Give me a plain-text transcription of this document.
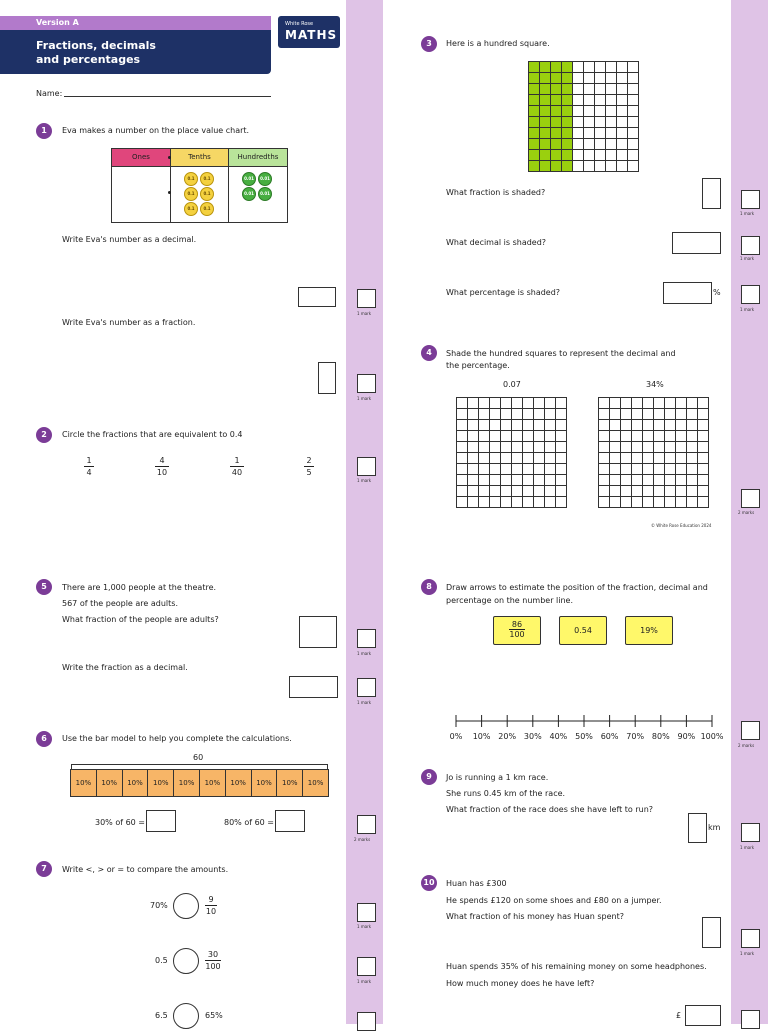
Version A
Fractions, decimals
and percentages
White Rose
MATHS
Name:
1	Eva makes a number on the place value chart.
Ones	Tenths	Hundredths
0.1	0.1
0.1	0.1
0.1	0.1
0.01	0.01
0.01	0.01
Write Eva's number as a decimal.
1 mark
Write Eva's number as a fraction.
1 mark
2	Circle the fractions that are equivalent to 0.4
1
4
4
10
1
40
2
5
1 mark
3	Here is a hundred square.
What fraction is shaded?
1 mark
What decimal is shaded?
1 mark
What percentage is shaded?	%
1 mark
4	Shade the hundred squares to represent the decimal and
the percentage.
0.07	34%
2 marks
© White Rose Education 2024
5	There are 1,000 people at the theatre.
567 of the people are adults.
What fraction of the people are adults?
1 mark
Write the fraction as a decimal.
1 mark
6	Use the bar model to help you complete the calculations.
60
10%	10%	10%	10%	10%	10%	10%	10%	10%	10%
30% of 60 =	80% of 60 =
2 marks
7	Write <, > or = to compare the amounts.
70%
9
10
1 mark
0.5
30
100
1 mark
6.5	65%
8	Draw arrows to estimate the position of the fraction, decimal and
percentage on the number line.
86
100	0.54	19%
0% 10% 20% 30% 40% 50% 60% 70% 80% 90% 100%
2 marks
9	Jo is running a 1 km race.
She runs 0.45 km of the race.
What fraction of the race does she have left to run?
km
1 mark
10	Huan has £300
He spends £120 on some shoes and £80 on a jumper.
What fraction of his money has Huan spent?
1 mark
Huan spends 35% of his remaining money on some headphones.
How much money does he have left?
£
